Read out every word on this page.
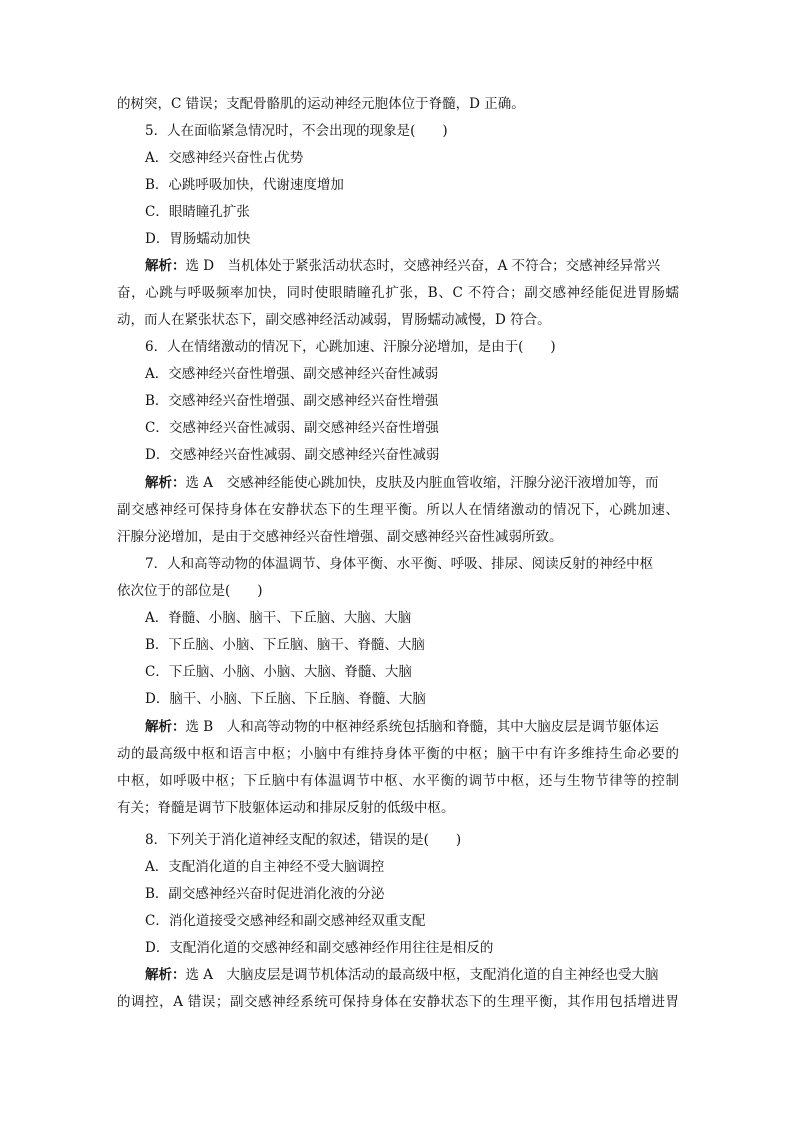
的树突，C 错误；支配骨骼肌的运动神经元胞体位于脊髓，D 正确。
5．人在面临紧急情况时，不会出现的现象是(　　)
A．交感神经兴奋性占优势
B．心跳呼吸加快，代谢速度增加
C．眼睛瞳孔扩张
D．胃肠蠕动加快
解析：选 D　当机体处于紧张活动状态时，交感神经兴奋，A 不符合；交感神经异常兴
奋，心跳与呼吸频率加快，同时使眼睛瞳孔扩张，B、C 不符合；副交感神经能促进胃肠蠕
动，而人在紧张状态下，副交感神经活动减弱，胃肠蠕动减慢，D 符合。
6．人在情绪激动的情况下，心跳加速、汗腺分泌增加，是由于(　　)
A．交感神经兴奋性增强、副交感神经兴奋性减弱
B．交感神经兴奋性增强、副交感神经兴奋性增强
C．交感神经兴奋性减弱、副交感神经兴奋性增强
D．交感神经兴奋性减弱、副交感神经兴奋性减弱
解析：选 A　交感神经能使心跳加快，皮肤及内脏血管收缩，汗腺分泌汗液增加等，而
副交感神经可保持身体在安静状态下的生理平衡。所以人在情绪激动的情况下，心跳加速、
汗腺分泌增加，是由于交感神经兴奋性增强、副交感神经兴奋性减弱所致。
7．人和高等动物的体温调节、身体平衡、水平衡、呼吸、排尿、阅读反射的神经中枢
依次位于的部位是(　　)
A．脊髓、小脑、脑干、下丘脑、大脑、大脑
B．下丘脑、小脑、下丘脑、脑干、脊髓、大脑
C．下丘脑、小脑、小脑、大脑、脊髓、大脑
D．脑干、小脑、下丘脑、下丘脑、脊髓、大脑
解析：选 B　人和高等动物的中枢神经系统包括脑和脊髓，其中大脑皮层是调节躯体运
动的最高级中枢和语言中枢；小脑中有维持身体平衡的中枢；脑干中有许多维持生命必要的
中枢，如呼吸中枢；下丘脑中有体温调节中枢、水平衡的调节中枢，还与生物节律等的控制
有关；脊髓是调节下肢躯体运动和排尿反射的低级中枢。
8．下列关于消化道神经支配的叙述，错误的是(　　)
A．支配消化道的自主神经不受大脑调控
B．副交感神经兴奋时促进消化液的分泌
C．消化道接受交感神经和副交感神经双重支配
D．支配消化道的交感神经和副交感神经作用往往是相反的
解析：选 A　大脑皮层是调节机体活动的最高级中枢，支配消化道的自主神经也受大脑
的调控，A 错误；副交感神经系统可保持身体在安静状态下的生理平衡，其作用包括增进胃
